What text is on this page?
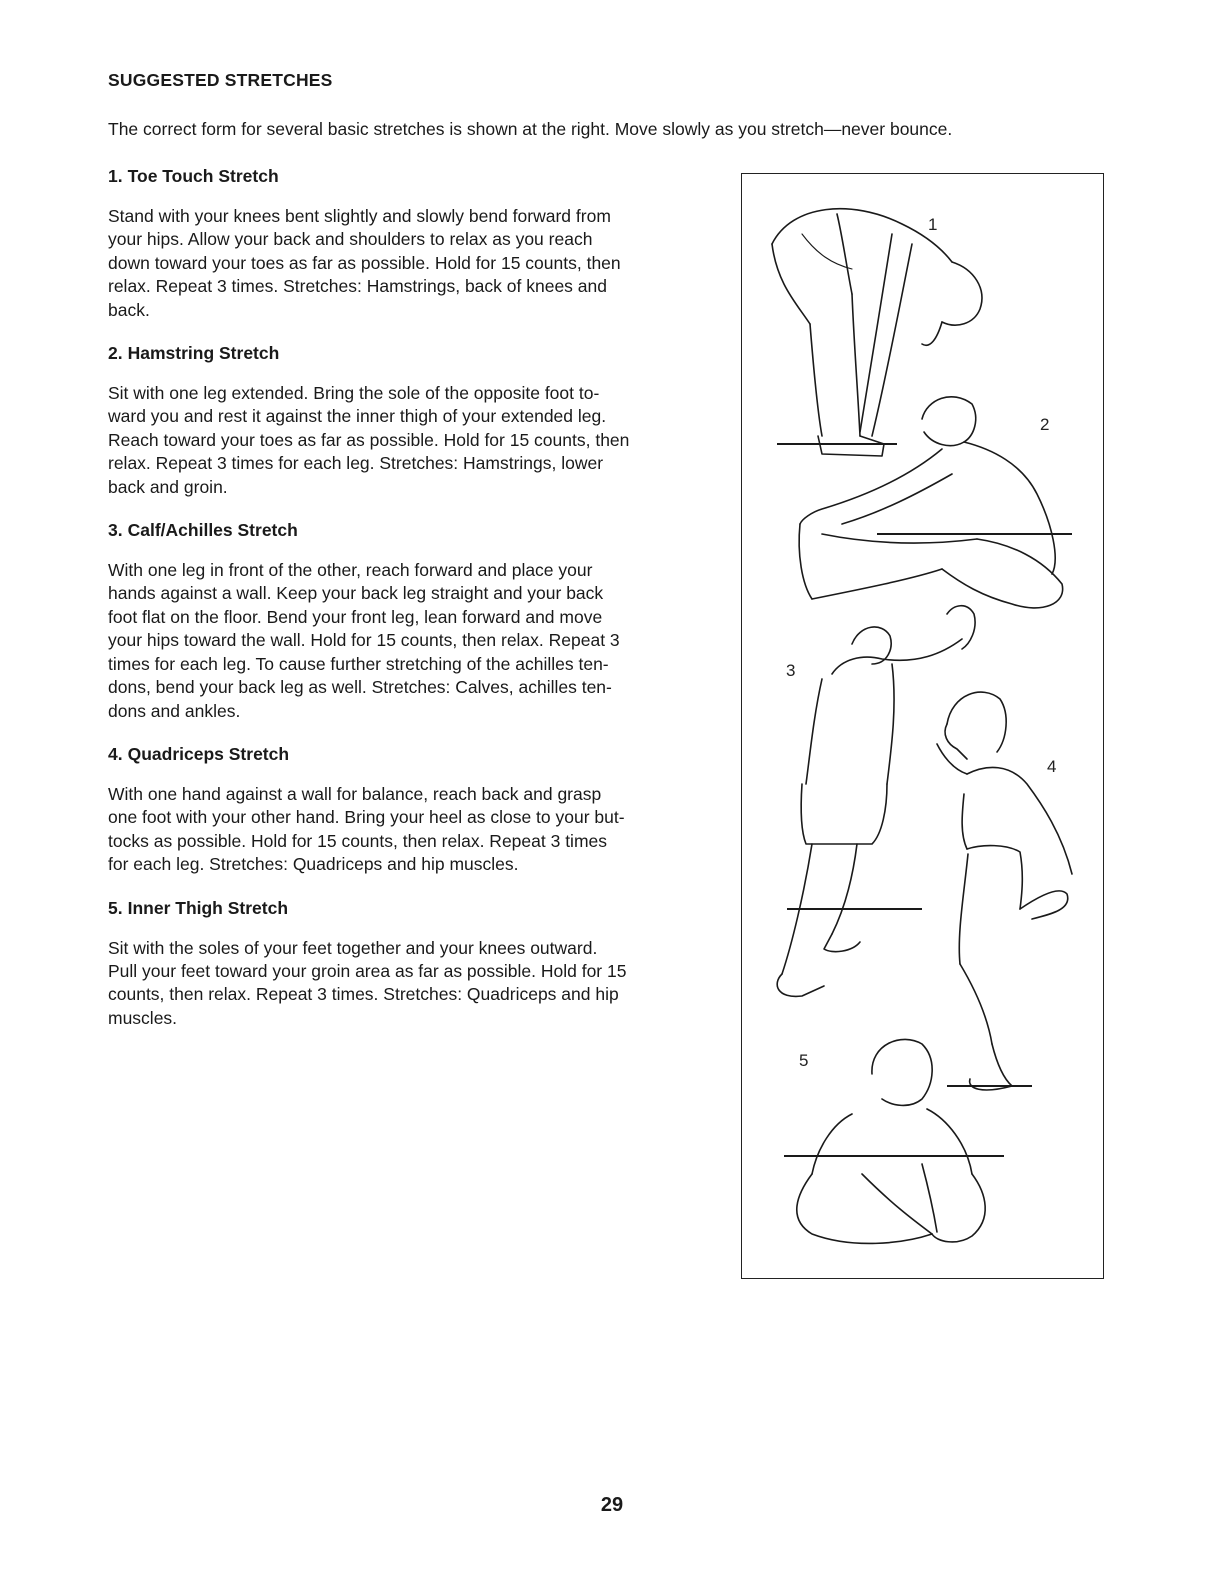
SUGGESTED STRETCHES

The correct form for several basic stretches is shown at the right. Move slowly as you stretch—never bounce.

1. Toe Touch Stretch

Stand with your knees bent slightly and slowly bend forward from
your hips. Allow your back and shoulders to relax as you reach
down toward your toes as far as possible. Hold for 15 counts, then
relax. Repeat 3 times. Stretches: Hamstrings, back of knees and
back.

2. Hamstring Stretch

Sit with one leg extended. Bring the sole of the opposite foot to-
ward you and rest it against the inner thigh of your extended leg.
Reach toward your toes as far as possible. Hold for 15 counts, then
relax. Repeat 3 times for each leg. Stretches: Hamstrings, lower
back and groin.

3. Calf/Achilles Stretch

With one leg in front of the other, reach forward and place your
hands against a wall. Keep your back leg straight and your back
foot flat on the floor. Bend your front leg, lean forward and move
your hips toward the wall. Hold for 15 counts, then relax. Repeat 3
times for each leg. To cause further stretching of the achilles ten-
dons, bend your back leg as well. Stretches: Calves, achilles ten-
dons and ankles.

4. Quadriceps Stretch

With one hand against a wall for balance, reach back and grasp
one foot with your other hand. Bring your heel as close to your but-
tocks as possible. Hold for 15 counts, then relax. Repeat 3 times
for each leg. Stretches: Quadriceps and hip muscles.

5. Inner Thigh Stretch

Sit with the soles of your feet together and your knees outward.
Pull your feet toward your groin area as far as possible. Hold for 15
counts, then relax. Repeat 3 times. Stretches: Quadriceps and hip
muscles.

1
2
3
4
5
29
